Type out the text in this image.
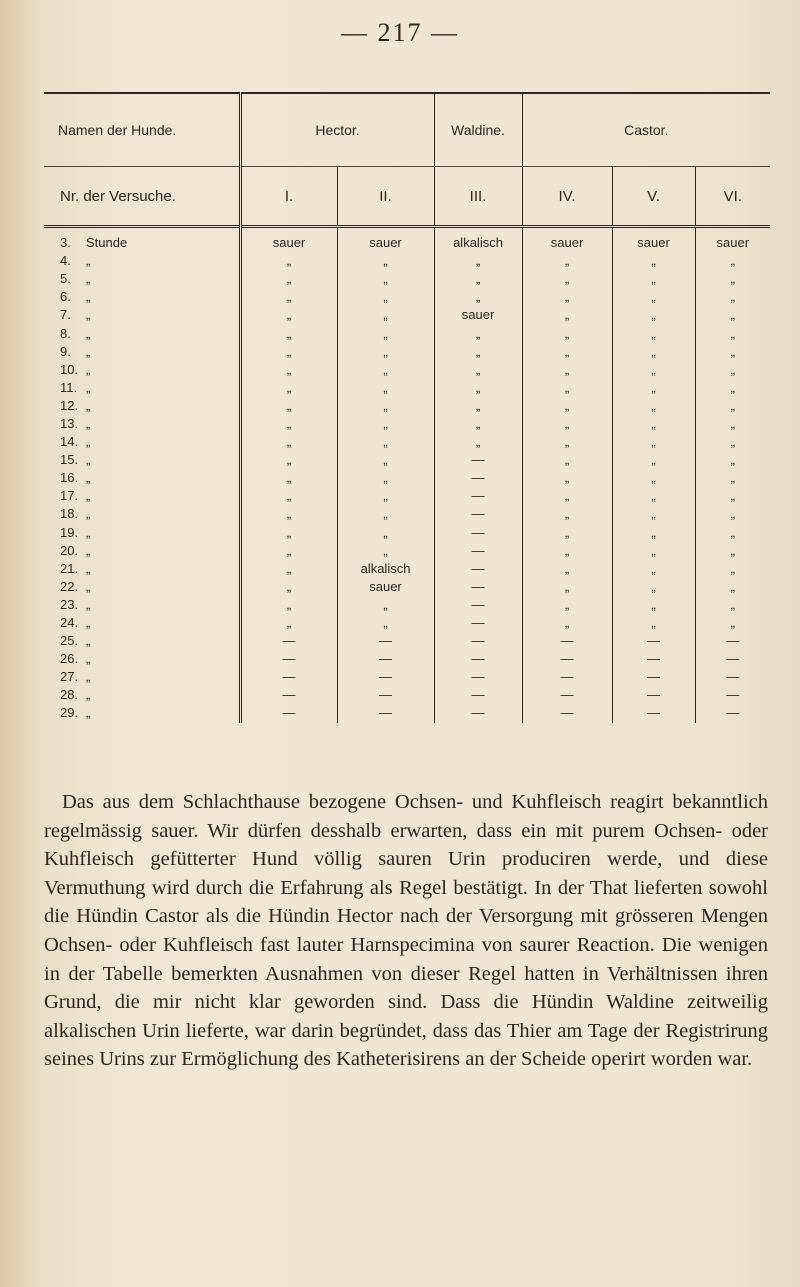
— 217 —
Namen der Hunde.	Hector.		Waldine.	Castor.		
Nr. der Versuche.	I.	II.	III.	IV.	V.	VI.
3. Stunde	sauer	sauer	alkalisch	sauer	sauer	sauer
4. „	„	„	„	„	„	„
5. „	„	„	„	„	„	„
6. „	„	„	„	„	„	„
7. „	„	„	sauer	„	„	„
8. „	„	„	„	„	„	„
9. „	„	„	„	„	„	„
10. „	„	„	„	„	„	„
11. „	„	„	„	„	„	„
12. „	„	„	„	„	„	„
13. „	„	„	„	„	„	„
14. „	„	„	„	„	„	„
15. „	„	„	—	„	„	„
16. „	„	„	—	„	„	„
17. „	„	„	—	„	„	„
18. „	„	„	—	„	„	„
19. „	„	„	—	„	„	„
20. „	„	„	—	„	„	„
21. „	„	alkalisch	—	„	„	„
22. „	„	sauer	—	„	„	„
23. „	„	„	—	„	„	„
24. „	„	„	—	„	„	„
25. „	—	—	—	—	—	—
26. „	—	—	—	—	—	—
27. „	—	—	—	—	—	—
28. „	—	—	—	—	—	—
29. „	—	—	—	—	—	—
Das aus dem Schlachthause bezogene Ochsen- und Kuhfleisch reagirt bekanntlich regelmässig sauer. Wir dürfen desshalb erwarten, dass ein mit purem Ochsen- oder Kuhfleisch gefütterter Hund völlig sauren Urin produciren werde, und diese Vermuthung wird durch die Erfahrung als Regel bestätigt. In der That lieferten sowohl die Hündin Castor als die Hündin Hector nach der Versorgung mit grösseren Mengen Ochsen- oder Kuhfleisch fast lauter Harnspecimina von saurer Reaction. Die wenigen in der Tabelle bemerkten Ausnahmen von dieser Regel hatten in Verhältnissen ihren Grund, die mir nicht klar geworden sind. Dass die Hündin Waldine zeitweilig alkalischen Urin lieferte, war darin begründet, dass das Thier am Tage der Registrirung seines Urins zur Ermöglichung des Katheterisirens an der Scheide operirt worden war.
